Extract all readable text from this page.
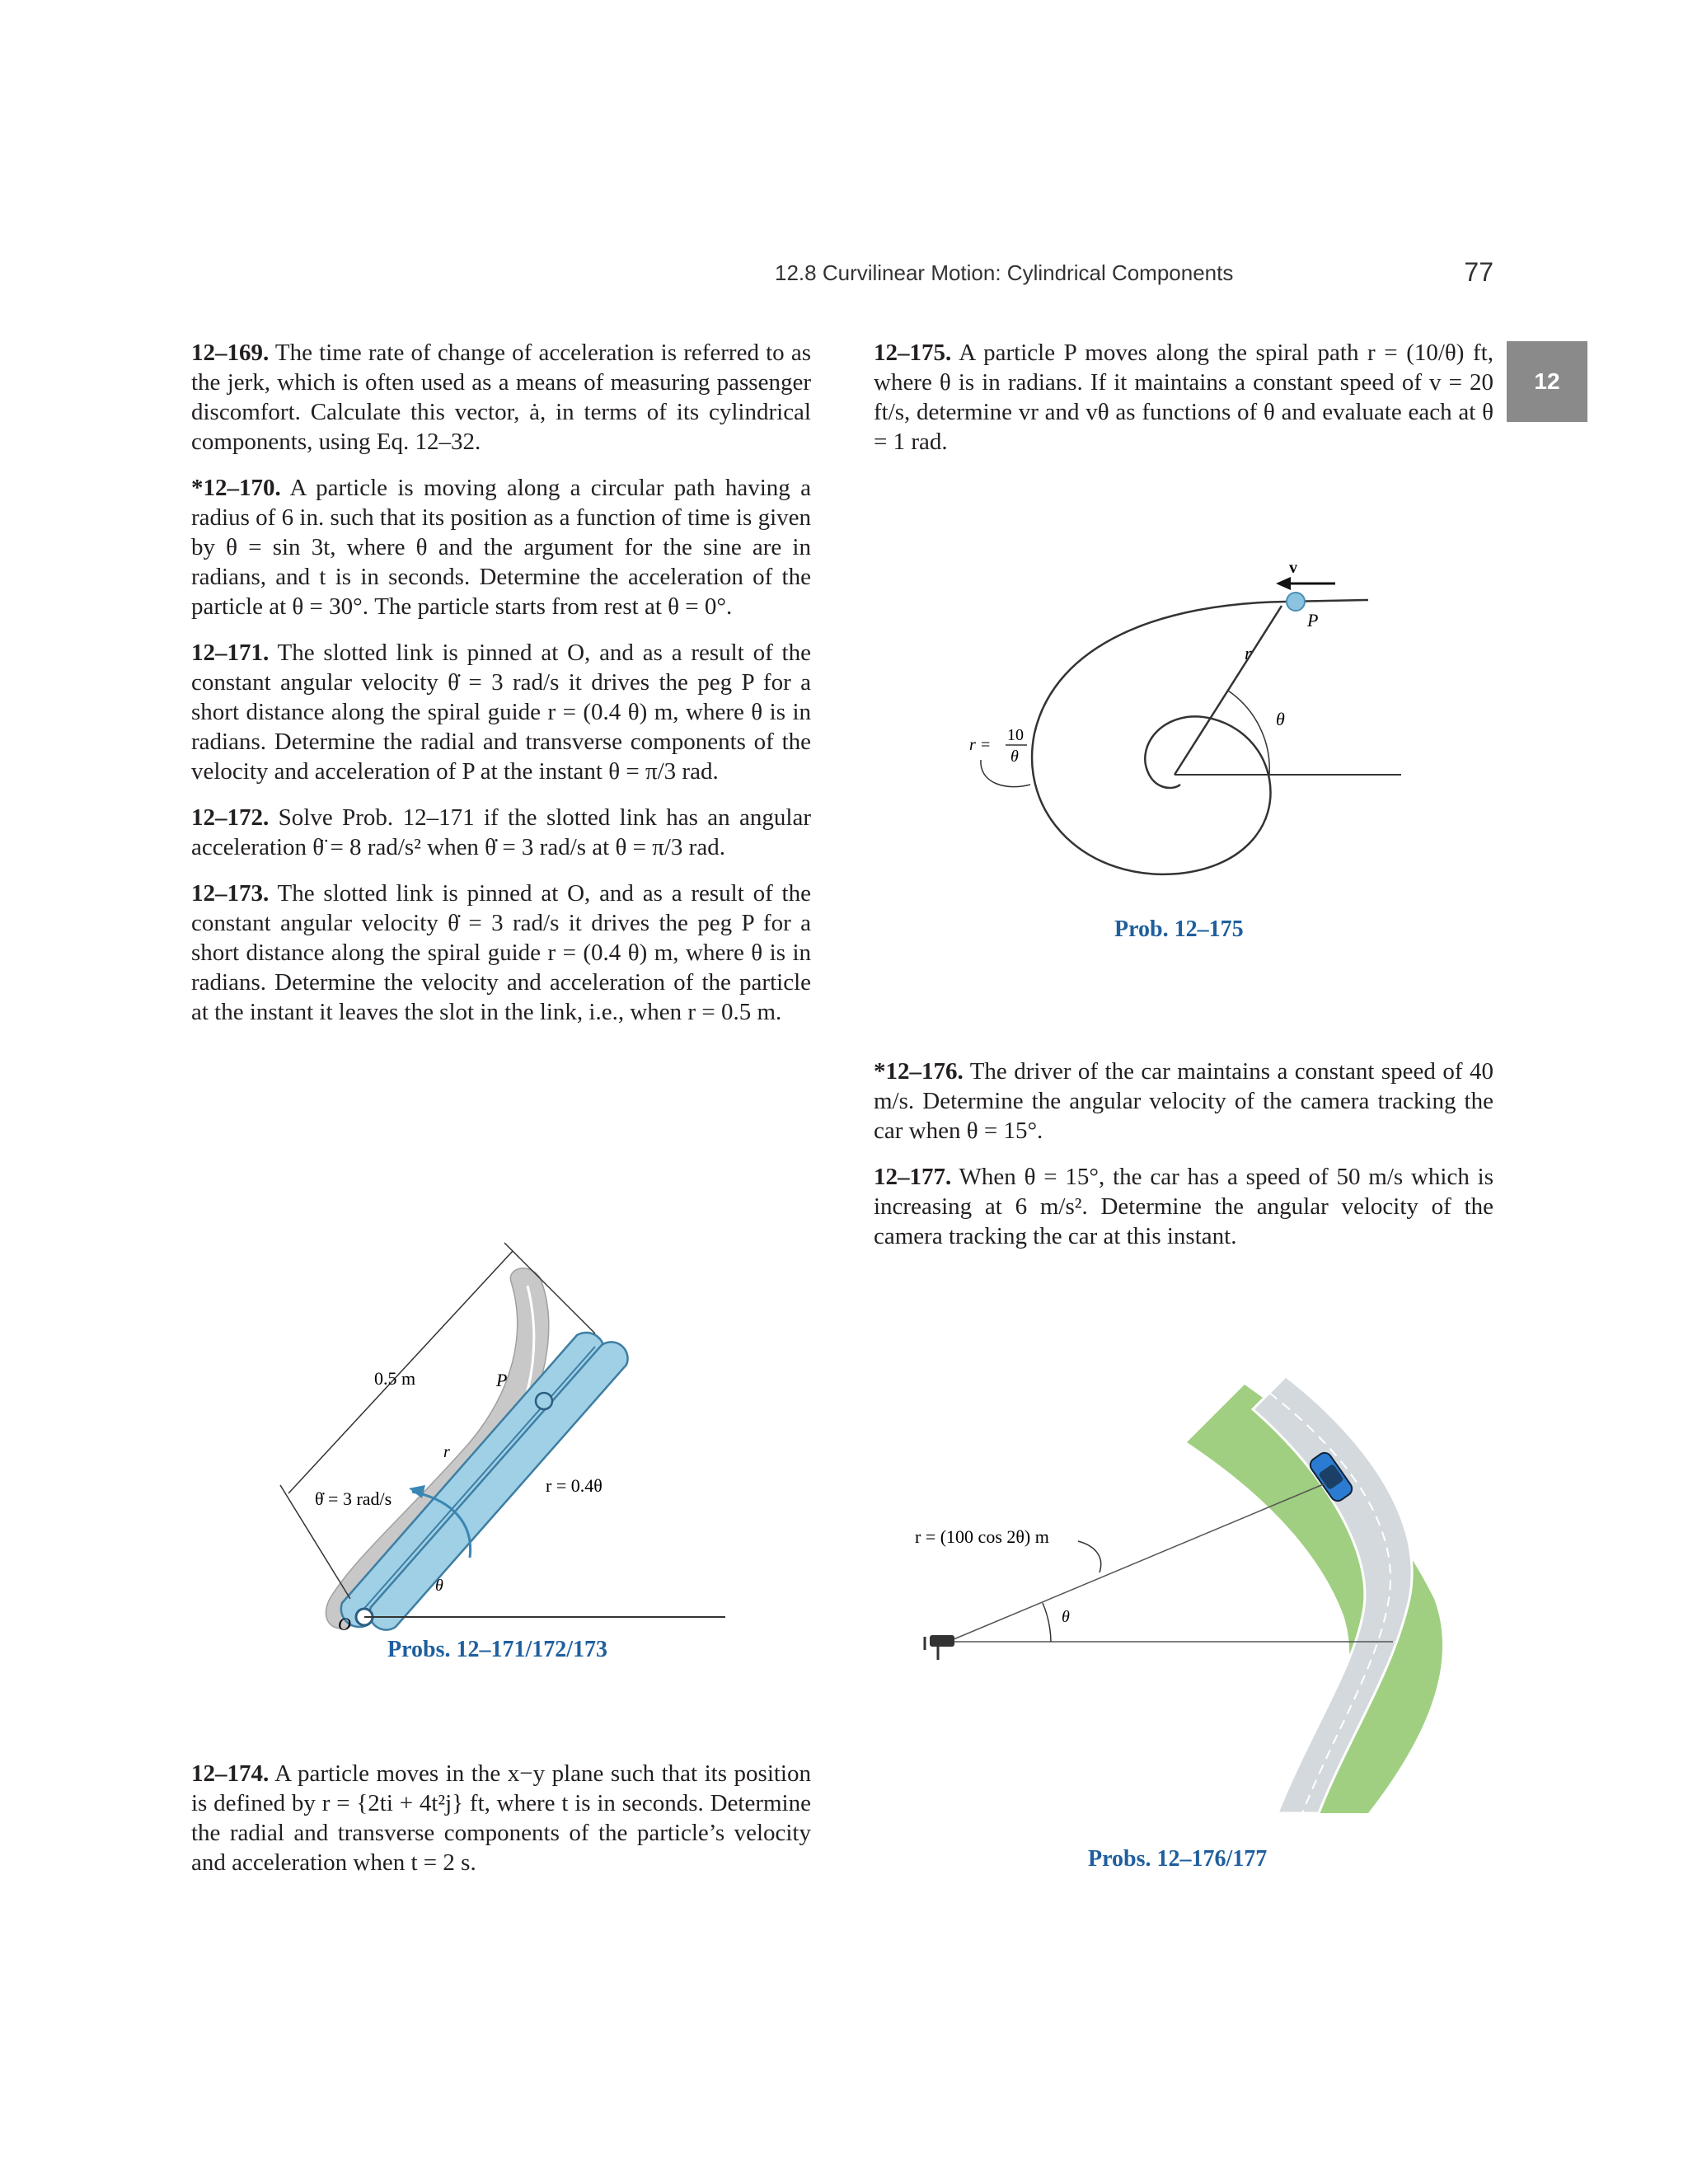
12.8 Curvilinear Motion: Cylindrical Components	77
12

12–169. The time rate of change of acceleration is referred to as the jerk, which is often used as a means of measuring passenger discomfort. Calculate this vector, ȧ, in terms of its cylindrical components, using Eq. 12–32.

*12–170. A particle is moving along a circular path having a radius of 6 in. such that its position as a function of time is given by θ = sin 3t, where θ and the argument for the sine are in radians, and t is in seconds. Determine the acceleration of the particle at θ = 30°. The particle starts from rest at θ = 0°.

12–171. The slotted link is pinned at O, and as a result of the constant angular velocity θ̇ = 3 rad/s it drives the peg P for a short distance along the spiral guide r = (0.4 θ) m, where θ is in radians. Determine the radial and transverse components of the velocity and acceleration of P at the instant θ = π/3 rad.

12–172. Solve Prob. 12–171 if the slotted link has an angular acceleration θ̈ = 8 rad/s² when θ̇ = 3 rad/s at θ = π/3 rad.

12–173. The slotted link is pinned at O, and as a result of the constant angular velocity θ̇ = 3 rad/s it drives the peg P for a short distance along the spiral guide r = (0.4 θ) m, where θ is in radians. Determine the velocity and acceleration of the particle at the instant it leaves the slot in the link, i.e., when r = 0.5 m.

12–174. A particle moves in the x−y plane such that its position is defined by r = {2ti + 4t²j} ft, where t is in seconds. Determine the radial and transverse components of the particle’s velocity and acceleration when t = 2 s.

12–175. A particle P moves along the spiral path r = (10/θ) ft, where θ is in radians. If it maintains a constant speed of v = 20 ft/s, determine vr and vθ as functions of θ and evaluate each at θ = 1 rad.

*12–176. The driver of the car maintains a constant speed of 40 m/s. Determine the angular velocity of the camera tracking the car when θ = 15°.

12–177. When θ = 15°, the car has a speed of 50 m/s which is increasing at 6 m/s². Determine the angular velocity of the camera tracking the car at this instant.

v
P
r
θ
r =
10
θ
Prob. 12–175
0.5 m	P
r
θ̇ = 3 rad/s
r = 0.4θ
θ
O
Probs. 12–171/172/173
θ
r = (100 cos 2θ) m
Probs. 12–176/177
